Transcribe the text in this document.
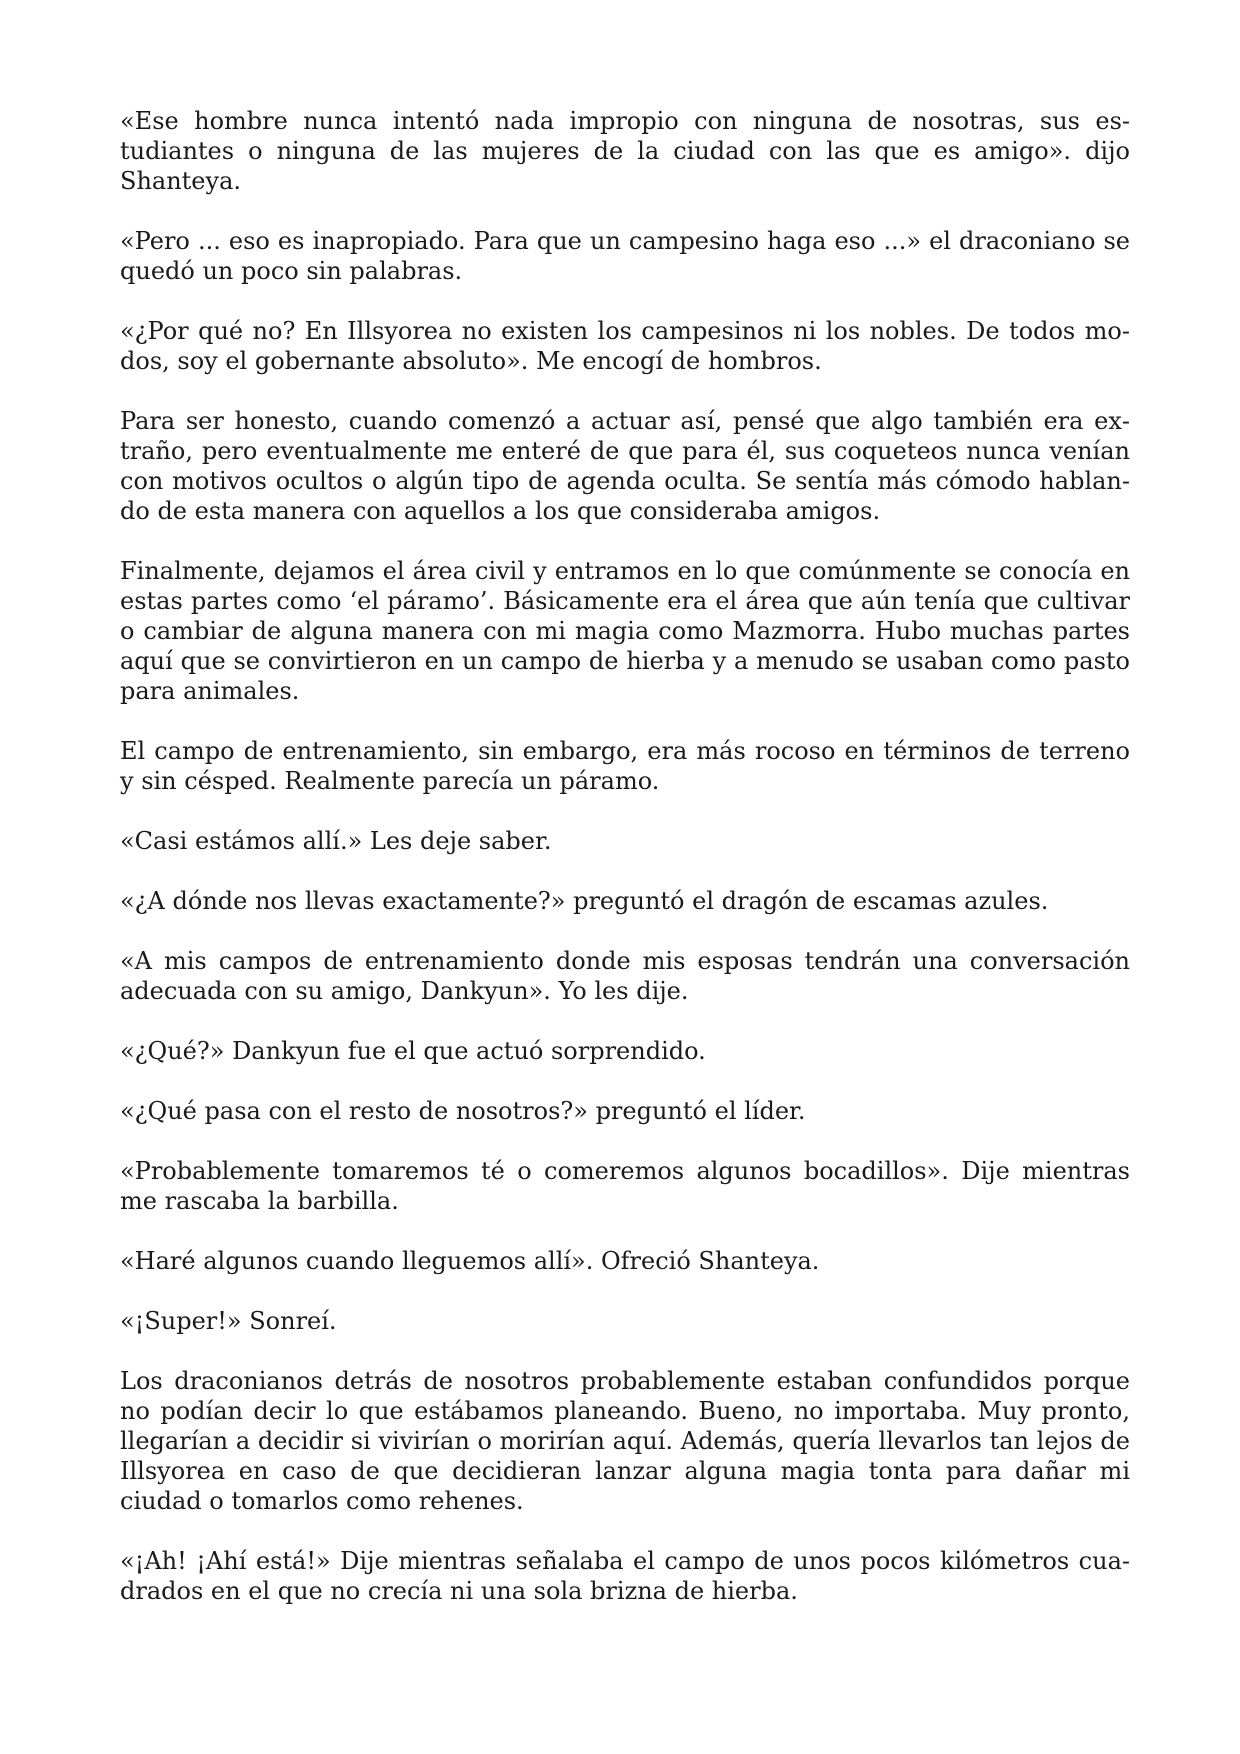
«Ese hombre nunca intentó nada impropio con ninguna de nosotras, sus estudiantes o ninguna de las mujeres de la ciudad con las que es amigo». dijo Shanteya.

«Pero ... eso es inapropiado. Para que un campesino haga eso ...» el draconiano se quedó un poco sin palabras.

«¿Por qué no? En Illsyorea no existen los campesinos ni los nobles. De todos modos, soy el gobernante absoluto». Me encogí de hombros.

Para ser honesto, cuando comenzó a actuar así, pensé que algo también era extraño, pero eventualmente me enteré de que para él, sus coqueteos nunca venían con motivos ocultos o algún tipo de agenda oculta. Se sentía más cómodo hablando de esta manera con aquellos a los que consideraba amigos.

Finalmente, dejamos el área civil y entramos en lo que comúnmente se conocía en estas partes como ‘el páramo’. Básicamente era el área que aún tenía que cultivar o cambiar de alguna manera con mi magia como Mazmorra. Hubo muchas partes aquí que se convirtieron en un campo de hierba y a menudo se usaban como pasto para animales.

El campo de entrenamiento, sin embargo, era más rocoso en términos de terreno y sin césped. Realmente parecía un páramo.

«Casi estámos allí.» Les deje saber.

«¿A dónde nos llevas exactamente?» preguntó el dragón de escamas azules.

«A mis campos de entrenamiento donde mis esposas tendrán una conversación adecuada con su amigo, Dankyun». Yo les dije.

«¿Qué?» Dankyun fue el que actuó sorprendido.

«¿Qué pasa con el resto de nosotros?» preguntó el líder.

«Probablemente tomaremos té o comeremos algunos bocadillos». Dije mientras me rascaba la barbilla.

«Haré algunos cuando lleguemos allí». Ofreció Shanteya.

«¡Super!» Sonreí.

Los draconianos detrás de nosotros probablemente estaban confundidos porque no podían decir lo que estábamos planeando. Bueno, no importaba. Muy pronto, llegarían a decidir si vivirían o morirían aquí. Además, quería llevarlos tan lejos de Illsyorea en caso de que decidieran lanzar alguna magia tonta para dañar mi ciudad o tomarlos como rehenes.

«¡Ah! ¡Ahí está!» Dije mientras señalaba el campo de unos pocos kilómetros cuadrados en el que no crecía ni una sola brizna de hierba.
